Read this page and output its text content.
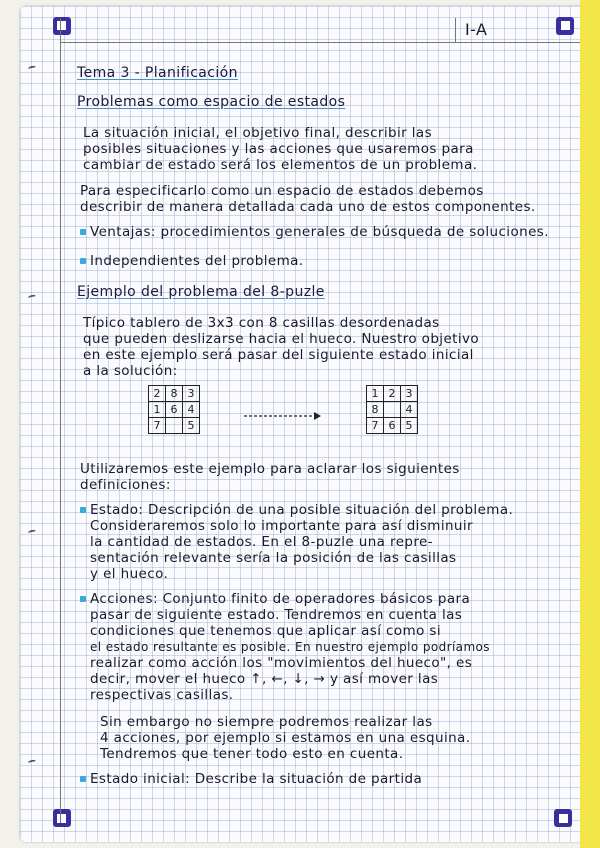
I-A
Tema 3 - Planificación
Problemas como espacio de estados
La situación inicial, el objetivo final, describir las
posibles situaciones y las acciones que usaremos para
cambiar de estado será los elementos de un problema.
Para especificarlo como un espacio de estados debemos
describir de manera detallada cada uno de estos componentes.
Ventajas: procedimientos generales de búsqueda de soluciones.
Independientes del problema.
Ejemplo del problema del 8-puzle
Típico tablero de 3x3 con 8 casillas desordenadas
que pueden deslizarse hacia el hueco. Nuestro objetivo
en este ejemplo será pasar del siguiente estado inicial
a la solución:
2	8	3
1	6	4
7		5
1	2	3
8		4
7	6	5
Utilizaremos este ejemplo para aclarar los siguientes
definiciones:
Estado: Descripción de una posible situación del problema.
Consideraremos solo lo importante para así disminuir
la cantidad de estados. En el 8-puzle una repre-
sentación relevante sería la posición de las casillas
y el hueco.
Acciones: Conjunto finito de operadores básicos para
pasar de siguiente estado. Tendremos en cuenta las
condiciones que tenemos que aplicar así como si
el estado resultante es posible. En nuestro ejemplo podríamos
realizar como acción los "movimientos del hueco", es
decir, mover el hueco ↑, ←, ↓, → y así mover las
respectivas casillas.
Sin embargo no siempre podremos realizar las
4 acciones, por ejemplo si estamos en una esquina.
Tendremos que tener todo esto en cuenta.
Estado inicial: Describe la situación de partida
